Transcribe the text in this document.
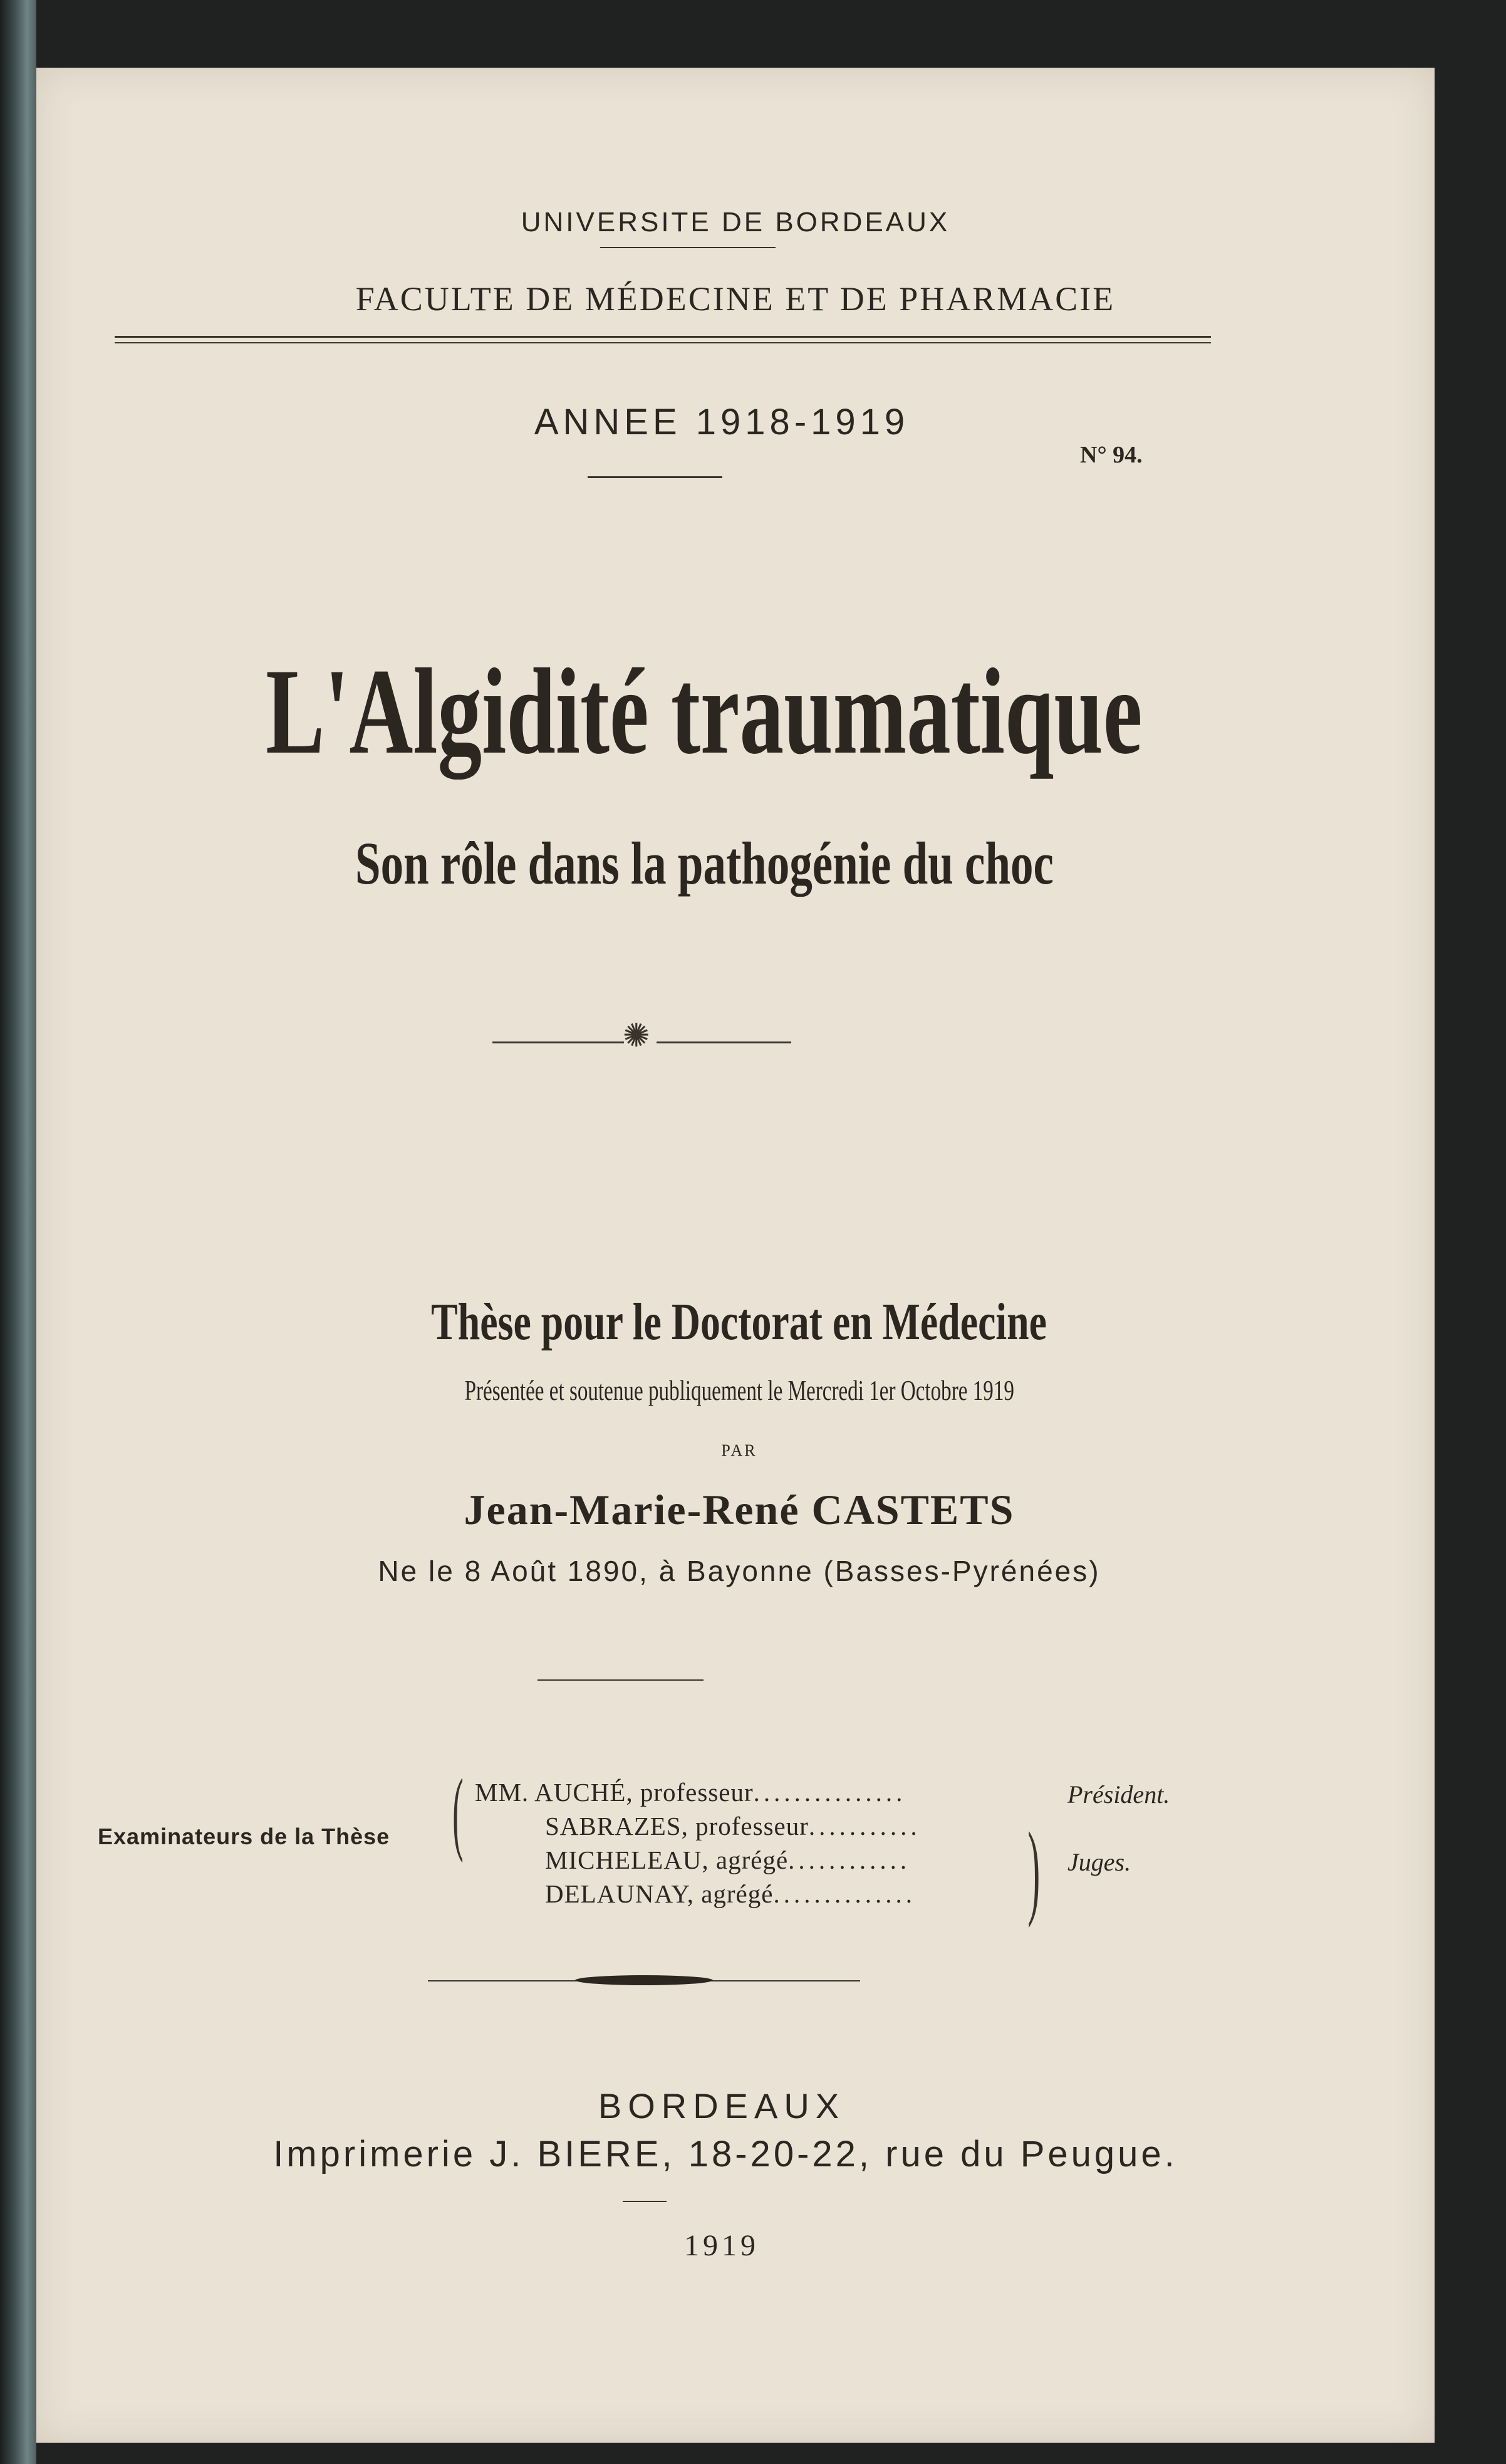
UNIVERSITE DE BORDEAUX
FACULTE DE MÉDECINE ET DE PHARMACIE
ANNEE 1918-1919
N° 94.
L'Algidité traumatique
Son rôle dans la pathogénie du choc
✺
Thèse pour le Doctorat en Médecine
Présentée et soutenue publiquement le Mercredi 1er Octobre 1919
PAR
Jean-Marie-René CASTETS
Ne le 8 Août 1890, à Bayonne (Basses-Pyrénées)
Examinateurs de la Thèse ( MM. AUCHÉ, professeur...............
SABRAZES, professeur...........
MICHELEAU, agrégé............
DELAUNAY, agrégé..............
Président.
) Juges.
BORDEAUX
Imprimerie J. BIERE, 18-20-22, rue du Peugue.
1919
